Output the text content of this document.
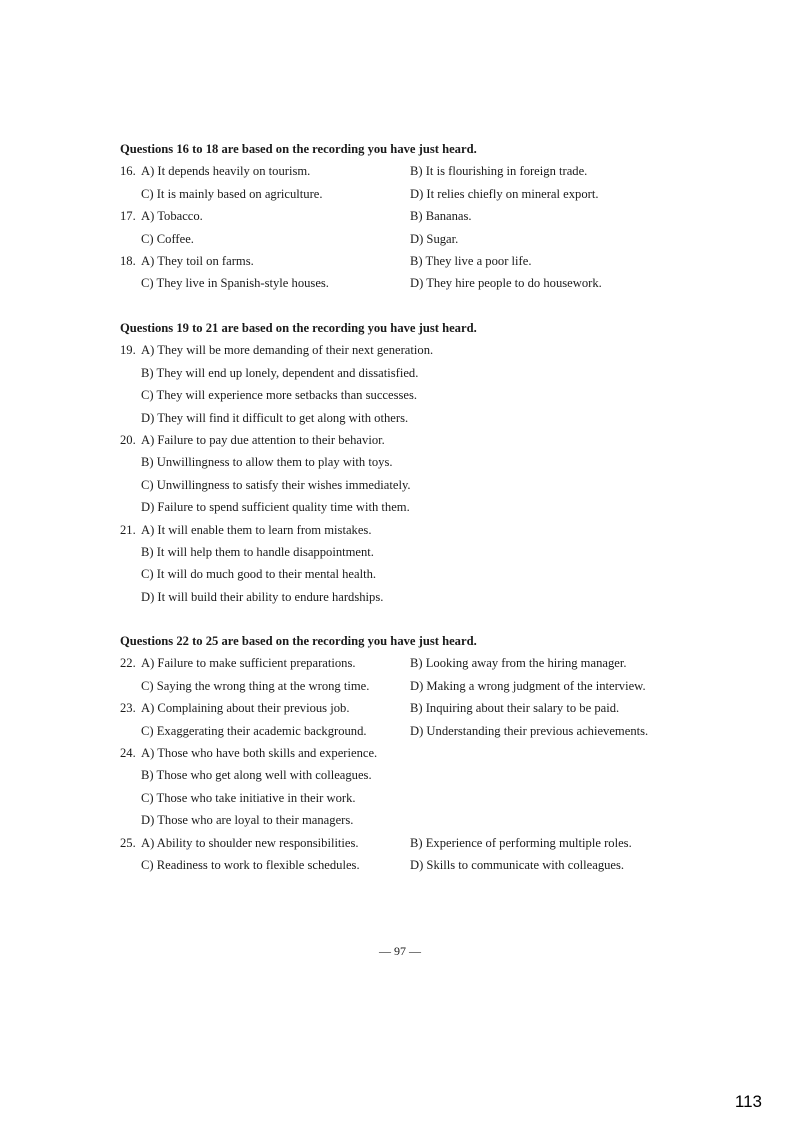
Questions 16 to 18 are based on the recording you have just heard.
16. A) It depends heavily on tourism.	B) It is flourishing in foreign trade.
C) It is mainly based on agriculture.	D) It relies chiefly on mineral export.
17. A) Tobacco.	B) Bananas.
C) Coffee.	D) Sugar.
18. A) They toil on farms.	B) They live a poor life.
C) They live in Spanish-style houses.	D) They hire people to do housework.
Questions 19 to 21 are based on the recording you have just heard.
19. A) They will be more demanding of their next generation.
B) They will end up lonely, dependent and dissatisfied.
C) They will experience more setbacks than successes.
D) They will find it difficult to get along with others.
20. A) Failure to pay due attention to their behavior.
B) Unwillingness to allow them to play with toys.
C) Unwillingness to satisfy their wishes immediately.
D) Failure to spend sufficient quality time with them.
21. A) It will enable them to learn from mistakes.
B) It will help them to handle disappointment.
C) It will do much good to their mental health.
D) It will build their ability to endure hardships.
Questions 22 to 25 are based on the recording you have just heard.
22. A) Failure to make sufficient preparations.	B) Looking away from the hiring manager.
C) Saying the wrong thing at the wrong time.	D) Making a wrong judgment of the interview.
23. A) Complaining about their previous job.	B) Inquiring about their salary to be paid.
C) Exaggerating their academic background.	D) Understanding their previous achievements.
24. A) Those who have both skills and experience.
B) Those who get along well with colleagues.
C) Those who take initiative in their work.
D) Those who are loyal to their managers.
25. A) Ability to shoulder new responsibilities.	B) Experience of performing multiple roles.
C) Readiness to work to flexible schedules.	D) Skills to communicate with colleagues.
— 97 —
113
